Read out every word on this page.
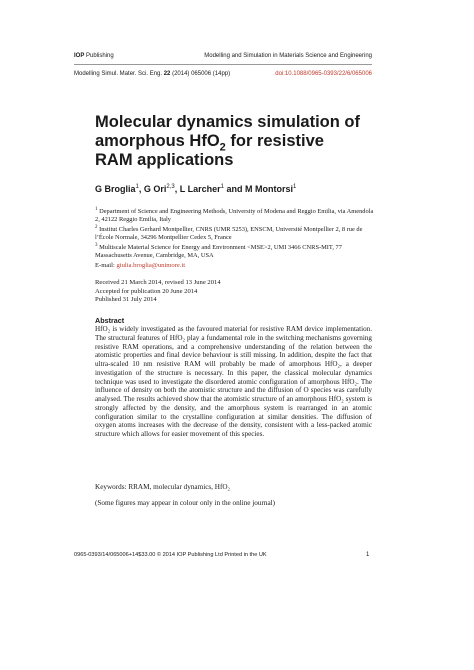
IOP Publishing	Modelling and Simulation in Materials Science and Engineering
Modelling Simul. Mater. Sci. Eng. 22 (2014) 065006 (14pp)	doi:10.1088/0965-0393/22/6/065006
Molecular dynamics simulation of amorphous HfO$_2$ for resistive RAM applications
G Broglia$^1$, G Ori$^{2,3}$, L Larcher$^1$ and M Montorsi$^1$

$^1$ Department of Science and Engineering Methods, University of Modena and Reggio Emilia, via Amendola 2, 42122 Reggio Emilia, Italy

$^2$ Institut Charles Gerhard Montpellier, CNRS (UMR 5253), ENSCM, Université Montpellier 2, 8 rue de l’École Normale, 34296 Montpellier Cedex 5, France

$^3$ Multiscale Material Science for Energy and Environment <MSE>2, UMI 3466 CNRS-MIT, 77 Massachusetts Avenue, Cambridge, MA, USA

E-mail: giulia.broglia@unimore.it

Received 21 March 2014, revised 13 June 2014

Accepted for publication 20 June 2014

Published 31 July 2014

Abstract

HfO₂ is widely investigated as the favoured material for resistive RAM device implementation. The structural features of HfO₂ play a fundamental role in the switching mechanisms governing resistive RAM operations, and a comprehensive understanding of the relation between the atomistic properties and final device behaviour is still missing. In addition, despite the fact that ultra-scaled 10 nm resistive RAM will probably be made of amorphous HfO₂, a deeper investigation of the structure is necessary. In this paper, the classical molecular dynamics technique was used to investigate the disordered atomic configuration of amorphous HfO₂. The influence of density on both the atomistic structure and the diffusion of O species was carefully analysed. The results achieved show that the atomistic structure of an amorphous HfO₂ system is strongly affected by the density, and the amorphous system is rearranged in an atomic configuration similar to the crystalline configuration at similar densities. The diffusion of oxygen atoms increases with the decrease of the density, consistent with a less-packed atomic structure which allows for easier movement of this species.

Keywords: RRAM, molecular dynamics, HfO₂
(Some figures may appear in colour only in the online journal)
0965-0393/14/065006+14$33.00 © 2014 IOP Publishing Ltd Printed in the UK	1
